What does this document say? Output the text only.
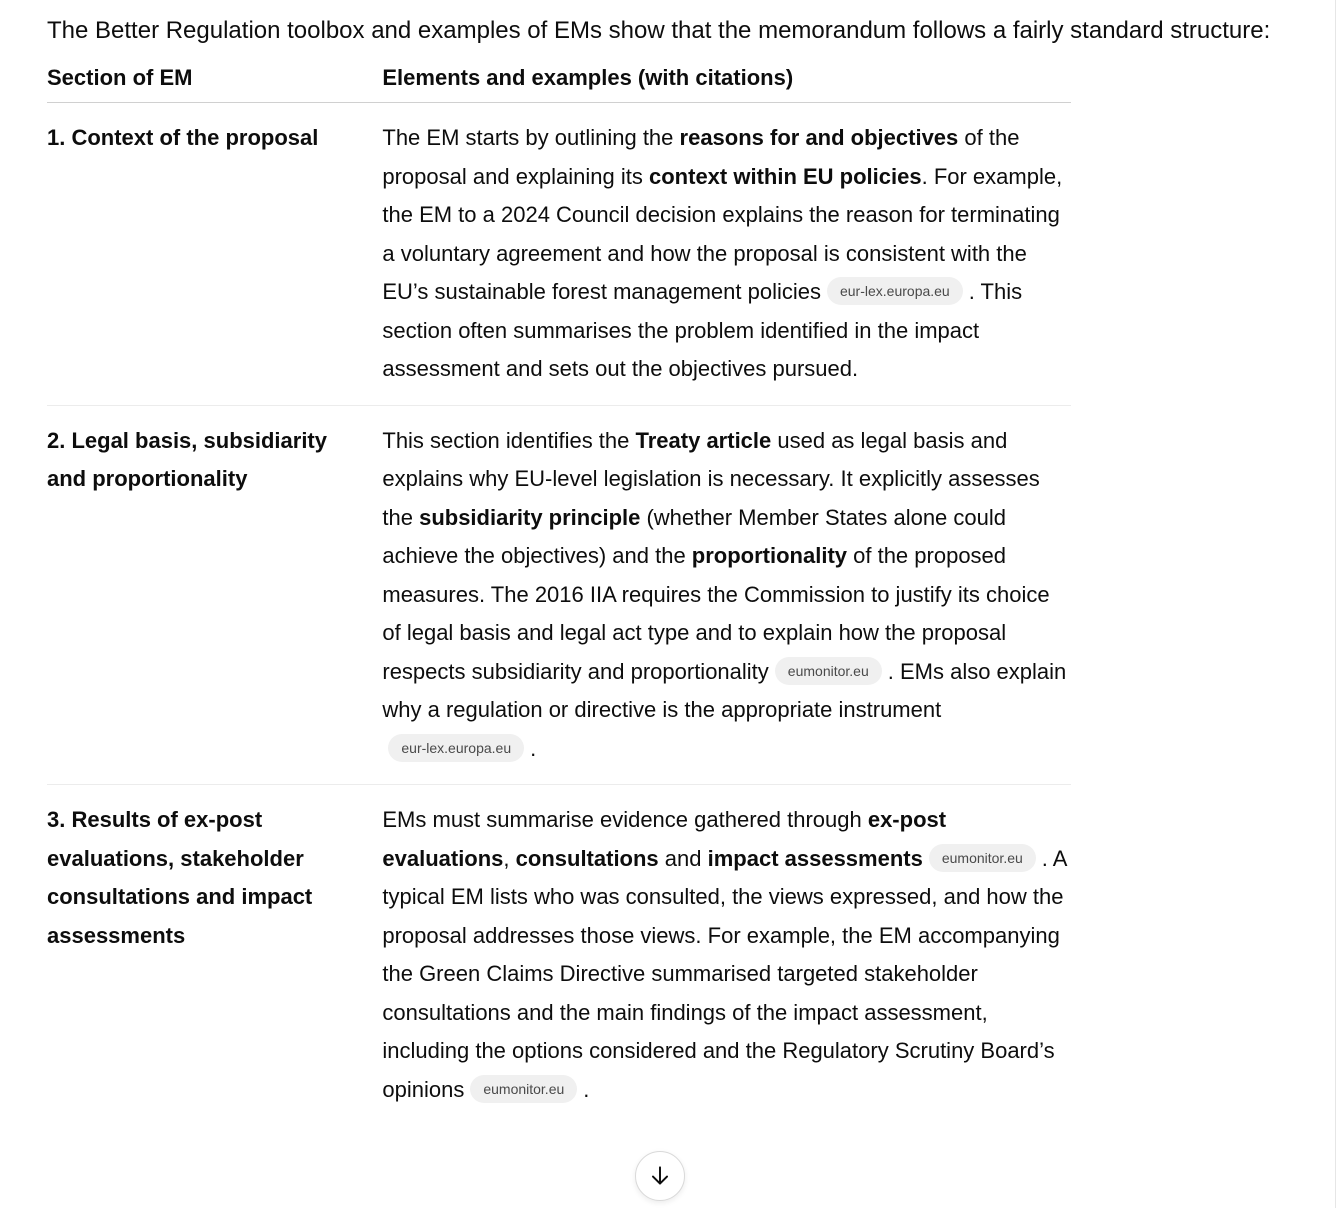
The Better Regulation toolbox and examples of EMs show that the memorandum follows a fairly standard structure:

Section of EM	Elements and examples (with citations)
1. Context of the proposal	The EM starts by outlining the reasons for and objectives of the proposal and explaining its context within EU policies. For example, the EM to a 2024 Council decision explains the reason for terminating a voluntary agreement and how the proposal is consistent with the EU’s sustainable forest management policies eur-lex.europa.eu . This section often summarises the problem identified in the impact assessment and sets out the objectives pursued.
2. Legal basis, subsidiarity and proportionality	This section identifies the Treaty article used as legal basis and explains why EU-level legislation is necessary. It explicitly assesses the subsidiarity principle (whether Member States alone could achieve the objectives) and the proportionality of the proposed measures. The 2016 IIA requires the Commission to justify its choice of legal basis and legal act type and to explain how the proposal respects subsidiarity and proportionality eumonitor.eu . EMs also explain why a regulation or directive is the appropriate instrumenteur-lex.europa.eu .
3. Results of ex-post evaluations, stakeholder consultations and impact assessments	EMs must summarise evidence gathered through ex-post evaluations, consultations and impact assessments eumonitor.eu . A typical EM lists who was consulted, the views expressed, and how the proposal addresses those views. For example, the EM accompanying the Green Claims Directive summarised targeted stakeholder consultations and the main findings of the impact assessment, including the options considered and the Regulatory Scrutiny Board’s opinions eumonitor.eu .
